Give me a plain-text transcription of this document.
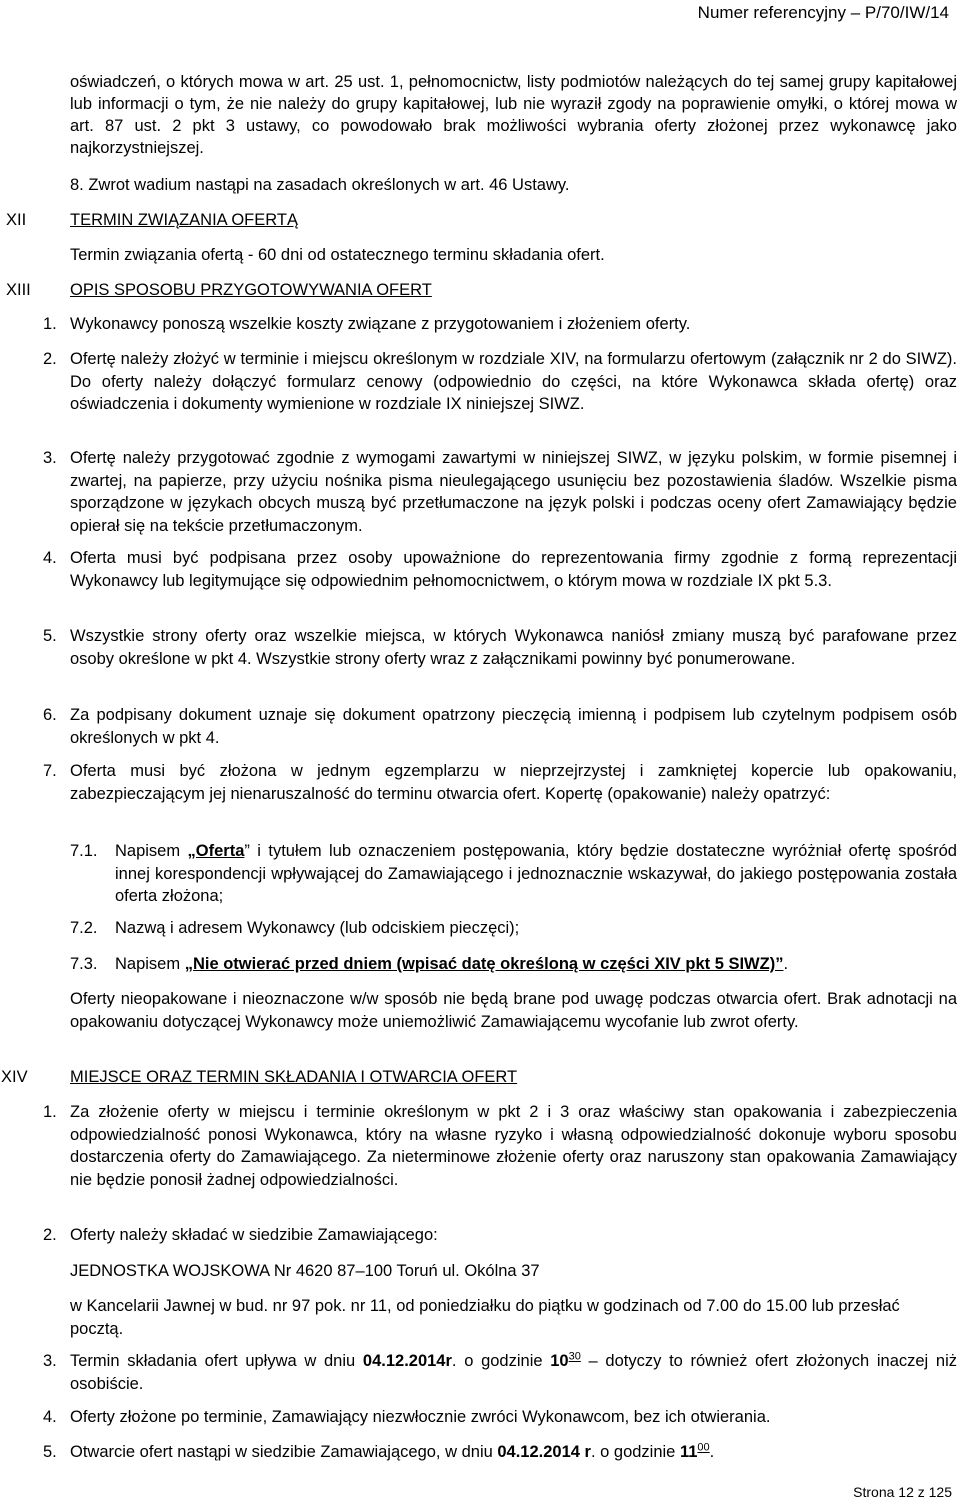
Numer referencyjny – P/70/IW/14

oświadczeń, o których mowa w art. 25 ust. 1, pełnomocnictw, listy podmiotów należących do tej samej grupy kapitałowej lub informacji o tym, że nie należy do grupy kapitałowej, lub nie wyraził zgody na poprawienie omyłki, o której mowa w art. 87 ust. 2 pkt 3 ustawy, co powodowało brak możliwości wybrania oferty złożonej przez wykonawcę jako najkorzystniejszej.

8. Zwrot wadium nastąpi na zasadach określonych w art. 46 Ustawy.

XII	TERMIN ZWIĄZANIA OFERTĄ

Termin związania ofertą - 60 dni od ostatecznego terminu składania ofert.

XIII OPIS SPOSOBU PRZYGOTOWYWANIA OFERT
1. Wykonawcy ponoszą wszelkie koszty związane z przygotowaniem i złożeniem oferty.

2. Ofertę należy złożyć w terminie i miejscu określonym w rozdziale XIV, na formularzu ofertowym (załącznik nr 2 do SIWZ). Do oferty należy dołączyć formularz cenowy (odpowiednio do części, na które Wykonawca składa ofertę) oraz oświadczenia i dokumenty wymienione w rozdziale IX niniejszej SIWZ.

3. Ofertę należy przygotować zgodnie z wymogami zawartymi w niniejszej SIWZ, w języku polskim, w formie pisemnej i zwartej, na papierze, przy użyciu nośnika pisma nieulegającego usunięciu bez pozostawienia śladów. Wszelkie pisma sporządzone w językach obcych muszą być przetłumaczone na język polski i podczas oceny ofert Zamawiający będzie opierał się na tekście przetłumaczonym.

4. Oferta musi być podpisana przez osoby upoważnione do reprezentowania firmy zgodnie z formą reprezentacji Wykonawcy lub legitymujące się odpowiednim pełnomocnictwem, o którym mowa w rozdziale IX pkt 5.3.

5. Wszystkie strony oferty oraz wszelkie miejsca, w których Wykonawca naniósł zmiany muszą być parafowane przez osoby określone w pkt 4. Wszystkie strony oferty wraz z załącznikami powinny być ponumerowane.

6. Za podpisany dokument uznaje się dokument opatrzony pieczęcią imienną i podpisem lub czytelnym podpisem osób określonych w pkt 4.

7. Oferta musi być złożona w jednym egzemplarzu w nieprzejrzystej i zamkniętej kopercie lub opakowaniu, zabezpieczającym jej nienaruszalność do terminu otwarcia ofert. Kopertę (opakowanie) należy opatrzyć:

7.1. Napisem „Oferta” i tytułem lub oznaczeniem postępowania, który będzie dostateczne wyróżniał ofertę spośród innej korespondencji wpływającej do Zamawiającego i jednoznacznie wskazywał, do jakiego postępowania została oferta złożona;

7.2. Nazwą i adresem Wykonawcy (lub odciskiem pieczęci);

7.3. Napisem „Nie otwierać przed dniem (wpisać datę określoną w części XIV pkt 5 SIWZ)”.

Oferty nieopakowane i nieoznaczone w/w sposób nie będą brane pod uwagę podczas otwarcia ofert. Brak adnotacji na opakowaniu dotyczącej Wykonawcy może uniemożliwić Zamawiającemu wycofanie lub zwrot oferty.

XIV	MIEJSCE ORAZ TERMIN SKŁADANIA I OTWARCIA OFERT
1. Za złożenie oferty w miejscu i terminie określonym w pkt 2 i 3 oraz właściwy stan opakowania i zabezpieczenia odpowiedzialność ponosi Wykonawca, który na własne ryzyko i własną odpowiedzialność dokonuje wyboru sposobu dostarczenia oferty do Zamawiającego. Za nieterminowe złożenie oferty oraz naruszony stan opakowania Zamawiający nie będzie ponosił żadnej odpowiedzialności.

2. Oferty należy składać w siedzibie Zamawiającego:

JEDNOSTKA WOJSKOWA Nr 4620 87–100 Toruń ul. Okólna 37

w Kancelarii Jawnej w bud. nr 97 pok. nr 11, od poniedziałku do piątku w godzinach od 7.00 do 15.00 lub przesłać pocztą.

3. Termin składania ofert upływa w dniu 04.12.2014r. o godzinie $10^{30}$ – dotyczy to również ofert złożonych inaczej niż osobiście.

4. Oferty złożone po terminie, Zamawiający niezwłocznie zwróci Wykonawcom, bez ich otwierania.

5. Otwarcie ofert nastąpi w siedzibie Zamawiającego, w dniu 04.12.2014 r. o godzinie $11^{00}$.

Strona 12 z 125
